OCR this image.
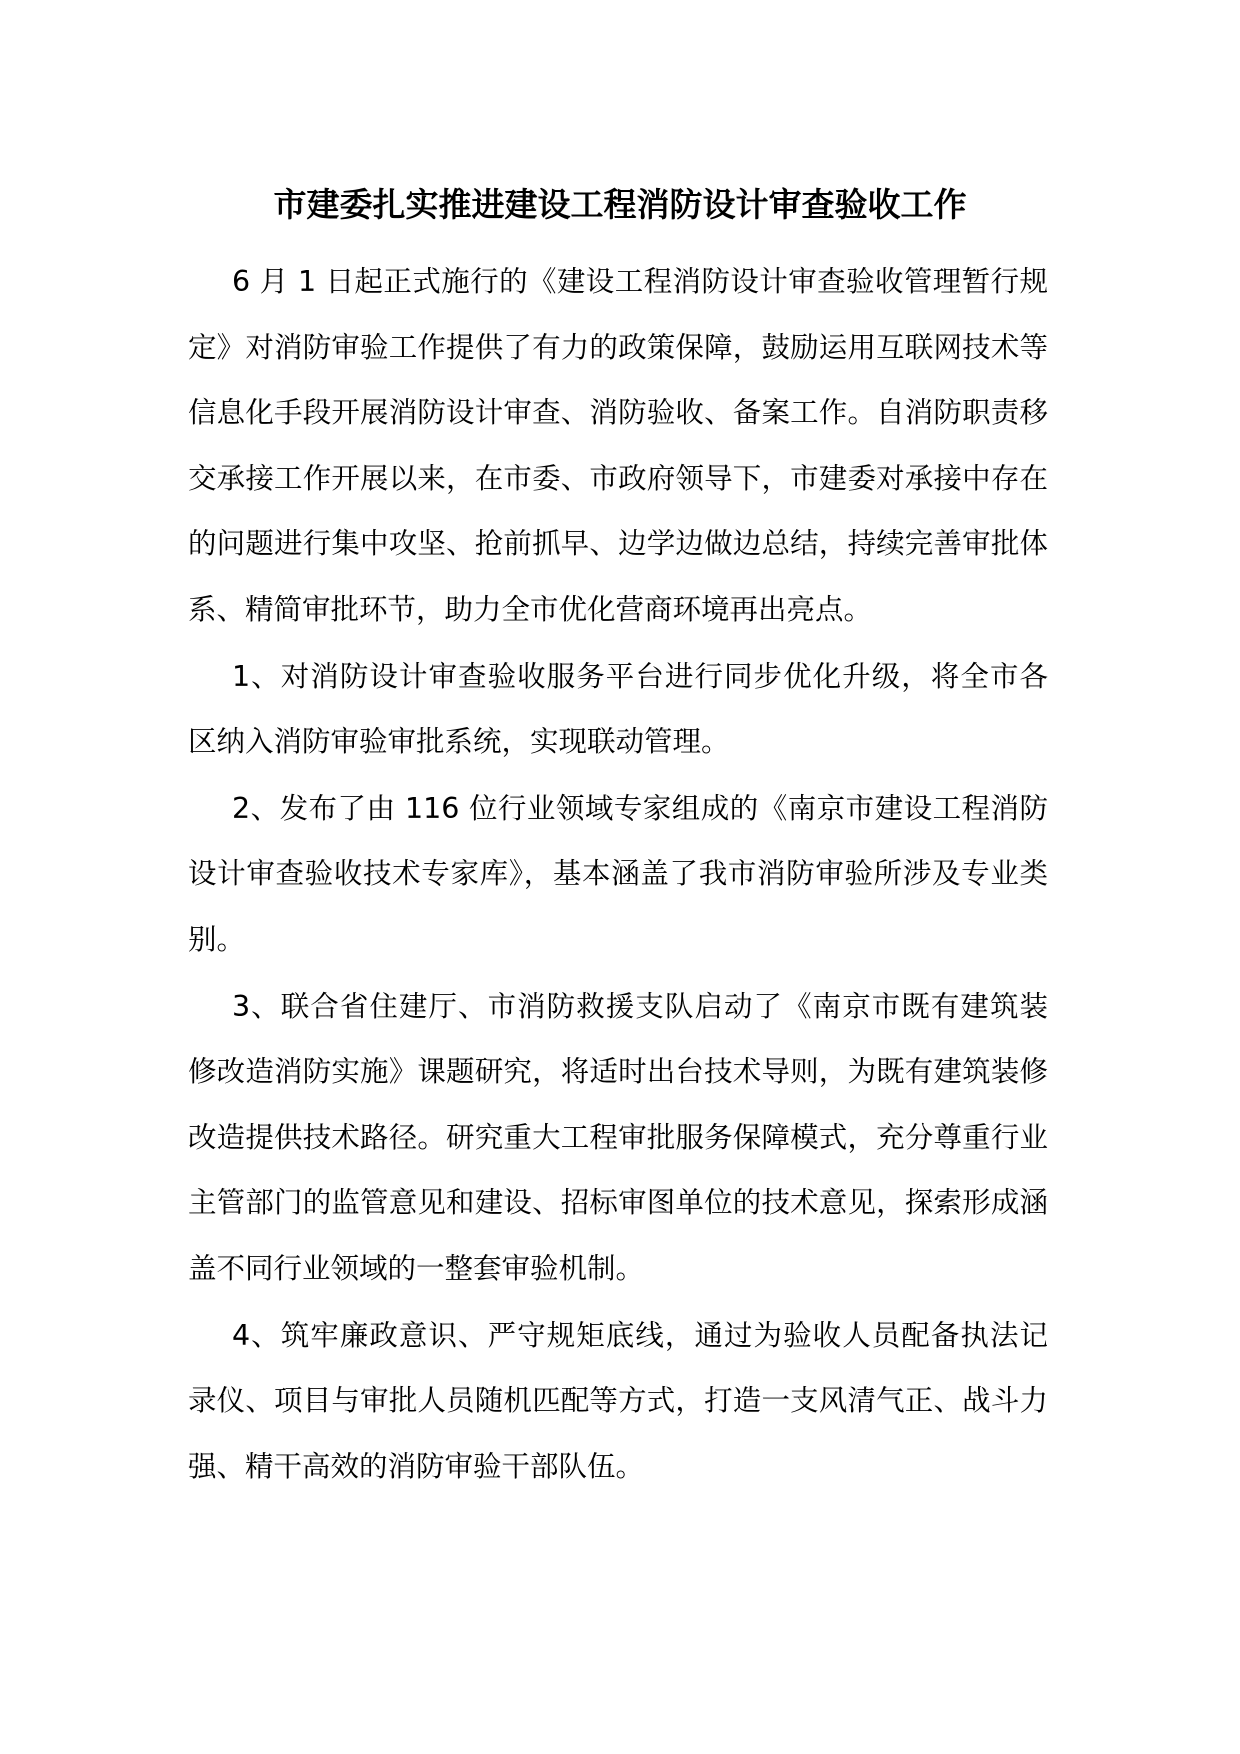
市建委扎实推进建设工程消防设计审查验收工作

6 月 1 日起正式施行的《建设工程消防设计审查验收管理暂行规定》对消防审验工作提供了有力的政策保障，鼓励运用互联网技术等信息化手段开展消防设计审查、消防验收、备案工作。自消防职责移交承接工作开展以来，在市委、市政府领导下，市建委对承接中存在的问题进行集中攻坚、抢前抓早、边学边做边总结，持续完善审批体系、精简审批环节，助力全市优化营商环境再出亮点。

1、对消防设计审查验收服务平台进行同步优化升级，将全市各区纳入消防审验审批系统，实现联动管理。

2、发布了由 116 位行业领域专家组成的《南京市建设工程消防设计审查验收技术专家库》，基本涵盖了我市消防审验所涉及专业类别。

3、联合省住建厅、市消防救援支队启动了《南京市既有建筑装修改造消防实施》课题研究，将适时出台技术导则，为既有建筑装修改造提供技术路径。研究重大工程审批服务保障模式，充分尊重行业主管部门的监管意见和建设、招标审图单位的技术意见，探索形成涵盖不同行业领域的一整套审验机制。

4、筑牢廉政意识、严守规矩底线，通过为验收人员配备执法记录仪、项目与审批人员随机匹配等方式，打造一支风清气正、战斗力强、精干高效的消防审验干部队伍。
